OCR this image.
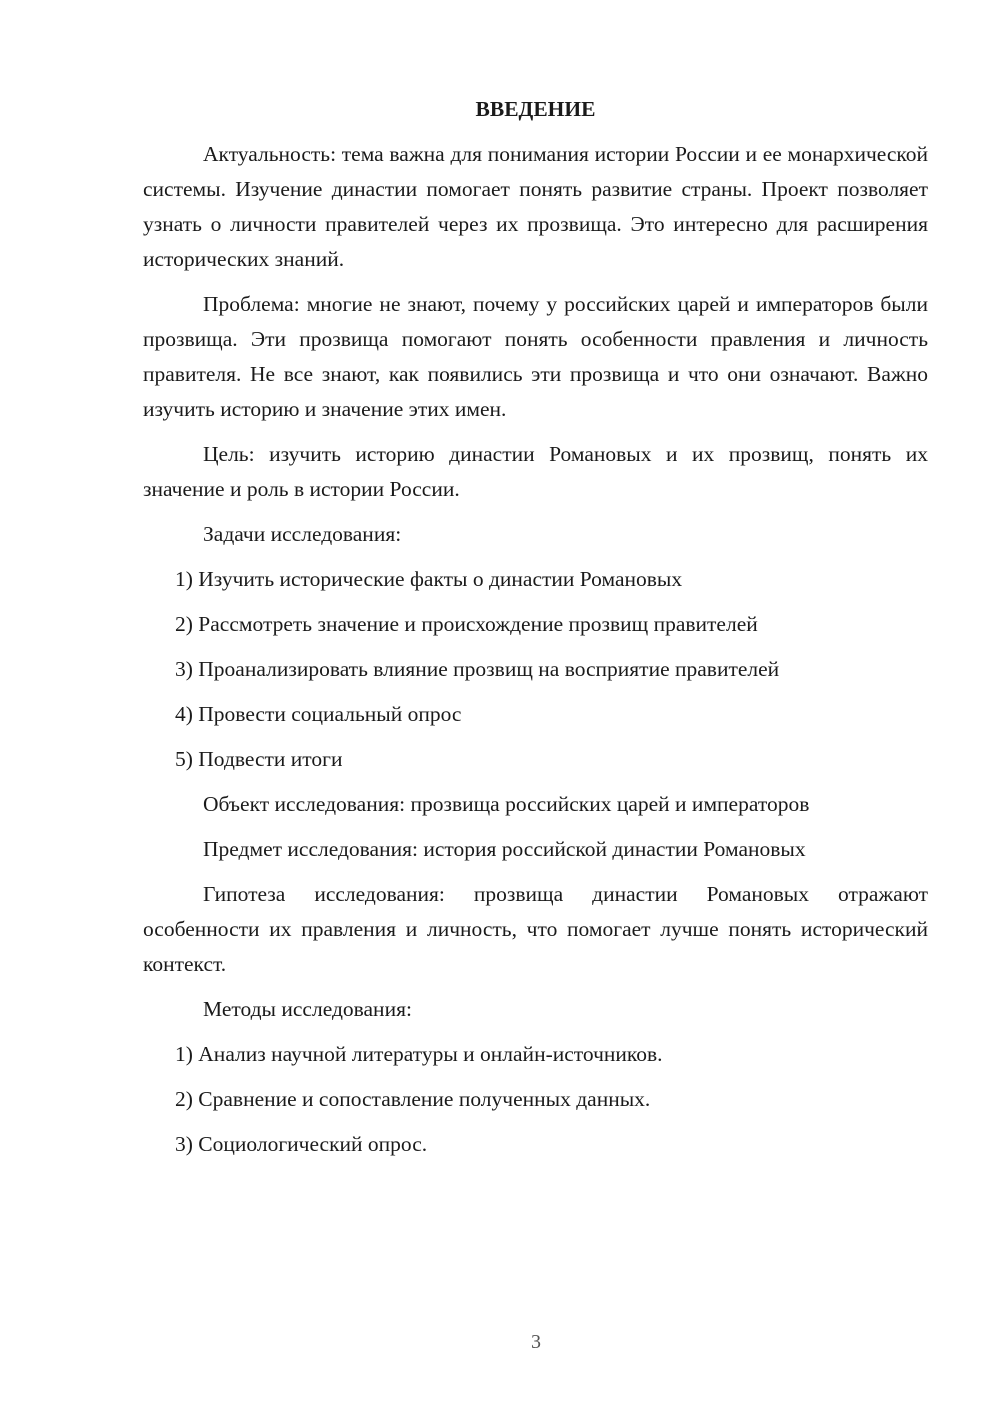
ВВЕДЕНИЕ

Актуальность: тема важна для понимания истории России и ее монархической системы. Изучение династии помогает понять развитие страны. Проект позволяет узнать о личности правителей через их прозвища. Это интересно для расширения исторических знаний.

Проблема: многие не знают, почему у российских царей и императоров были прозвища. Эти прозвища помогают понять особенности правления и личность правителя. Не все знают, как появились эти прозвища и что они означают. Важно изучить историю и значение этих имен.

Цель: изучить историю династии Романовых и их прозвищ, понять их значение и роль в истории России.

Задачи исследования:

1) Изучить исторические факты о династии Романовых
2) Рассмотреть значение и происхождение прозвищ правителей
3) Проанализировать влияние прозвищ на восприятие правителей
4) Провести социальный опрос
5) Подвести итоги

Объект исследования: прозвища российских царей и императоров

Предмет исследования: история российской династии Романовых

Гипотеза исследования: прозвища династии Романовых отражают особенности их правления и личность, что помогает лучше понять исторический контекст.

Методы исследования:

1) Анализ научной литературы и онлайн-источников.
2) Сравнение и сопоставление полученных данных.
3) Социологический опрос.
3
